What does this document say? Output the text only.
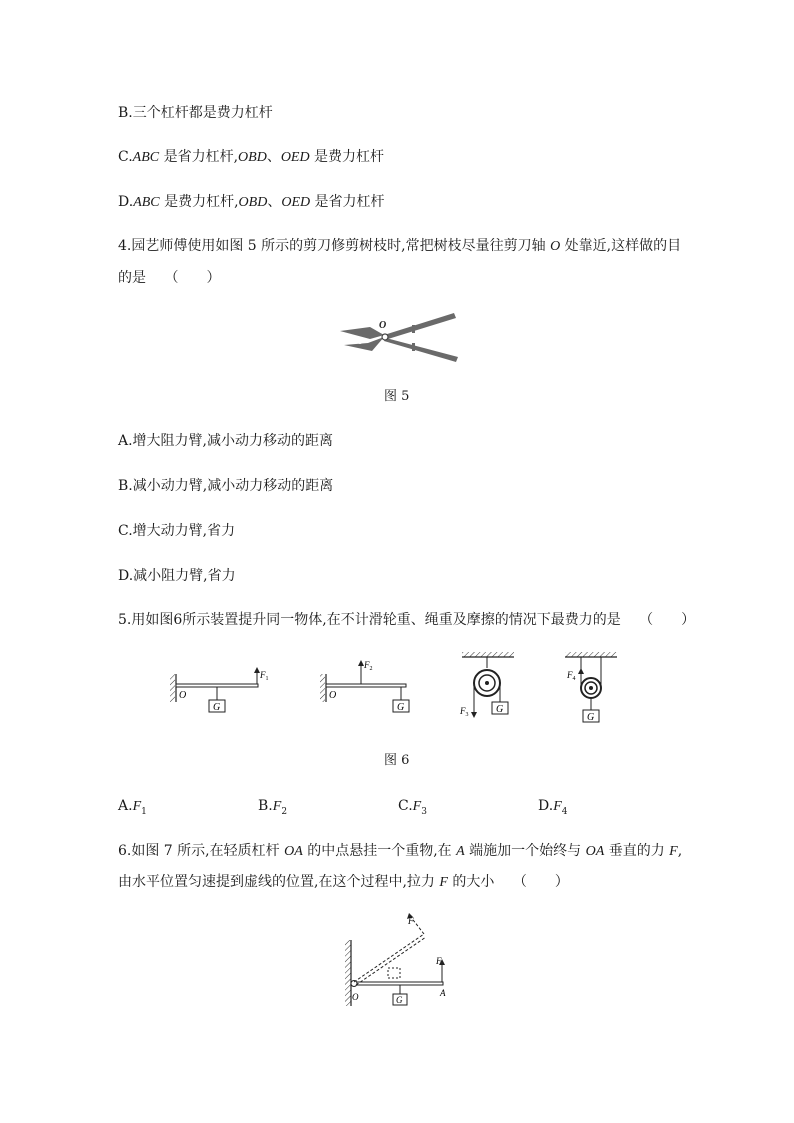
B.三个杠杆都是费力杠杆
C.ABC 是省力杠杆,OBD、OED 是费力杠杆
D.ABC 是费力杠杆,OBD、OED 是省力杠杆
4.园艺师傅使用如图 5 所示的剪刀修剪树枝时,常把树枝尽量往剪刀轴 O 处靠近,这样做的目
的是　 （　　）
O
图 5
A.增大阻力臂,减小动力移动的距离
B.减小动力臂,减小动力移动的距离
C.增大动力臂,省力
D.减小阻力臂,省力
5.用如图6所示装置提升同一物体,在不计滑轮重、绳重及摩擦的情况下最费力的是　 （　　）
G
$F_1$
O
G
$F_2$
O
G
$F_3$	G
$F_4$
图 6
$A.F_1$	$B.F_2$	$C.F_3$	$D.F_4$
6.如图 7 所示,在轻质杠杆 OA 的中点悬挂一个重物,在 A 端施加一个始终与 OA 垂直的力 F,
由水平位置匀速提到虚线的位置,在这个过程中,拉力 F 的大小　 （　　）
G
F
A
O
F
